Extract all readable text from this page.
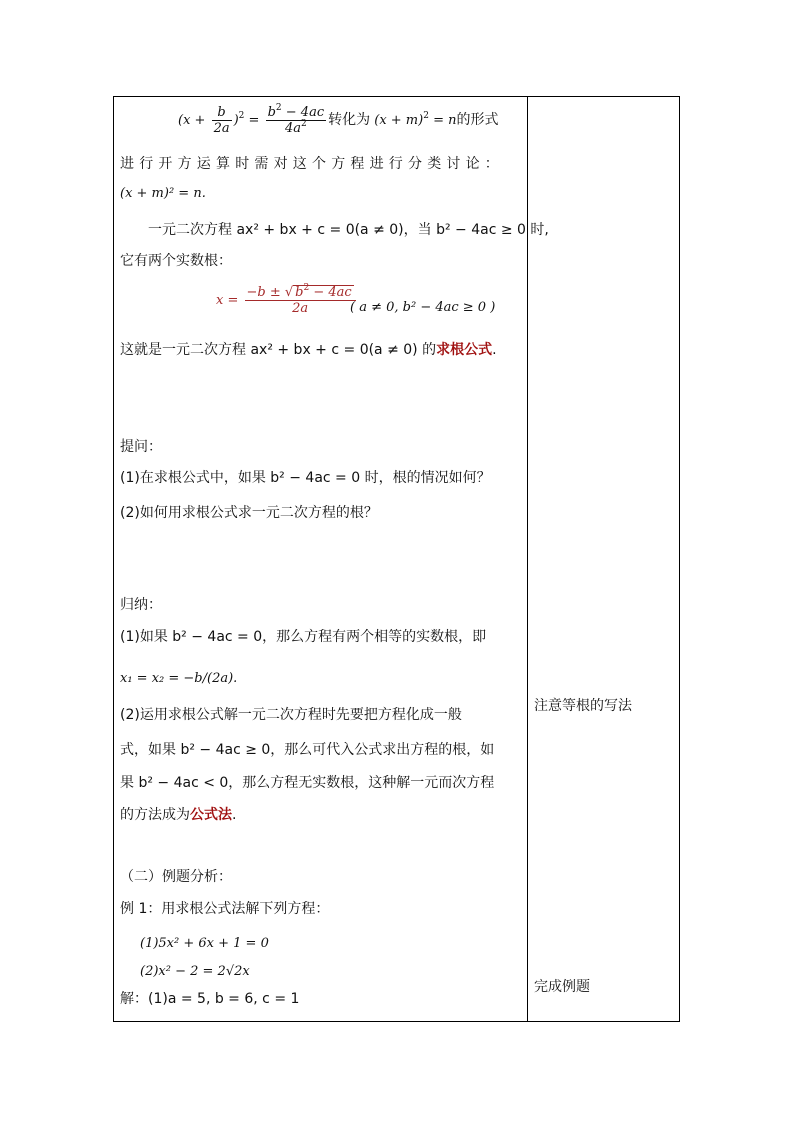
$(x + \frac{b}{2a} )^2 = \frac{b^2 - 4ac}{4a^2}$ 转化为 $(x + m)^2 = n$的形式
进行开方运算时需对这个方程进行分类讨论：
(x + m)² = n.
一元二次方程 ax² + bx + c = 0(a ≠ 0)，当 b² − 4ac ≥ 0 时,
它有两个实数根：
$x = \frac{-b \pm √ b^2 - 4ac}{2a}$
( a ≠ 0, b² − 4ac ≥ 0 )
这就是一元二次方程 ax² + bx + c = 0(a ≠ 0) 的求根公式.
提问：
(1)在求根公式中，如果 b² − 4ac = 0 时，根的情况如何？
(2)如何用求根公式求一元二次方程的根？
归纳：
(1)如果 b² − 4ac = 0，那么方程有两个相等的实数根，即
x₁ = x₂ = −b/(2a).
(2)运用求根公式解一元二次方程时先要把方程化成一般
式，如果 b² − 4ac ≥ 0，那么可代入公式求出方程的根，如
果 b² − 4ac < 0，那么方程无实数根，这种解一元而次方程
的方法成为公式法.
（二）例题分析：
例 1：用求根公式法解下列方程：
(1)5x² + 6x + 1 = 0
(2)x² − 2 = 2√2x
解：(1)a = 5, b = 6, c = 1
注意等根的写法
完成例题
